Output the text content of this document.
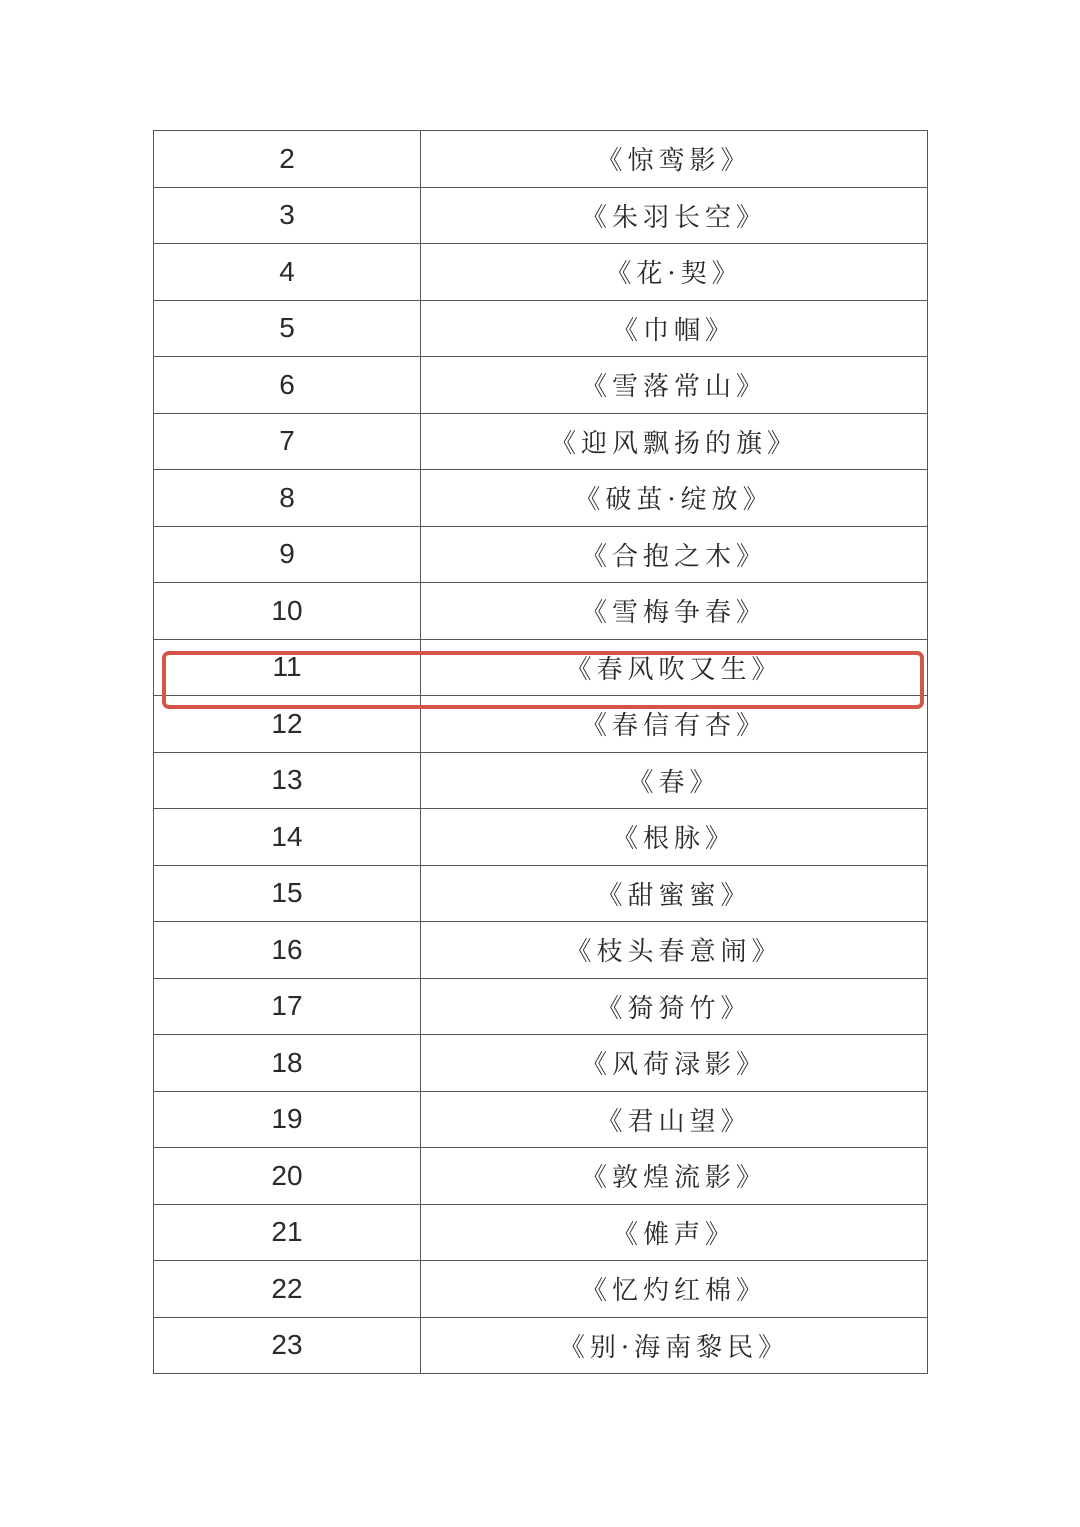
2	《惊鸾影》
3	《朱羽长空》
4	《花·契》
5	《巾帼》
6	《雪落常山》
7	《迎风飘扬的旗》
8	《破茧·绽放》
9	《合抱之木》
10	《雪梅争春》
11	《春风吹又生》
12	《春信有杏》
13	《春》
14	《根脉》
15	《甜蜜蜜》
16	《枝头春意闹》
17	《猗猗竹》
18	《风荷渌影》
19	《君山望》
20	《敦煌流影》
21	《傩声》
22	《忆灼红棉》
23	《别·海南黎民》
